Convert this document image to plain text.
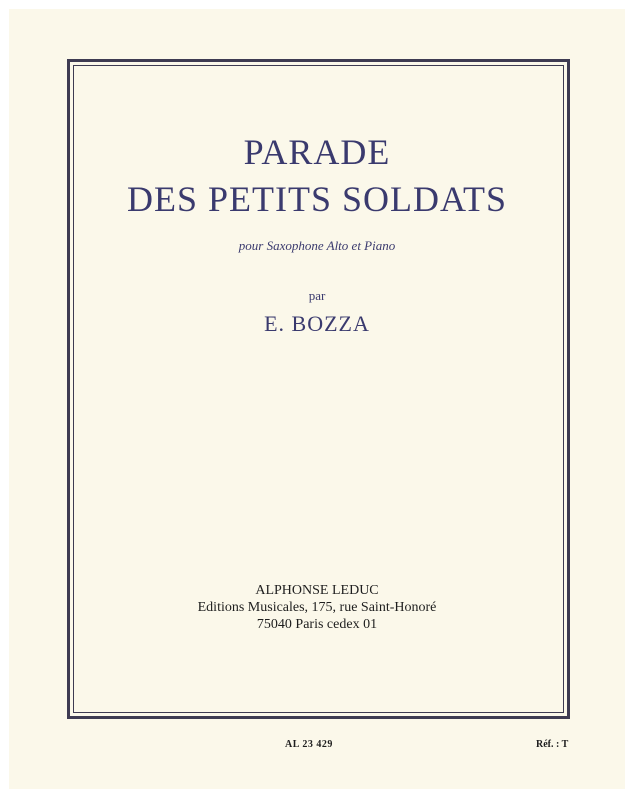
PARADE
DES PETITS SOLDATS
pour Saxophone Alto et Piano
par
E. BOZZA
ALPHONSE LEDUC
Editions Musicales, 175, rue Saint-Honoré
75040 Paris cedex 01
AL 23 429	Réf. : T
